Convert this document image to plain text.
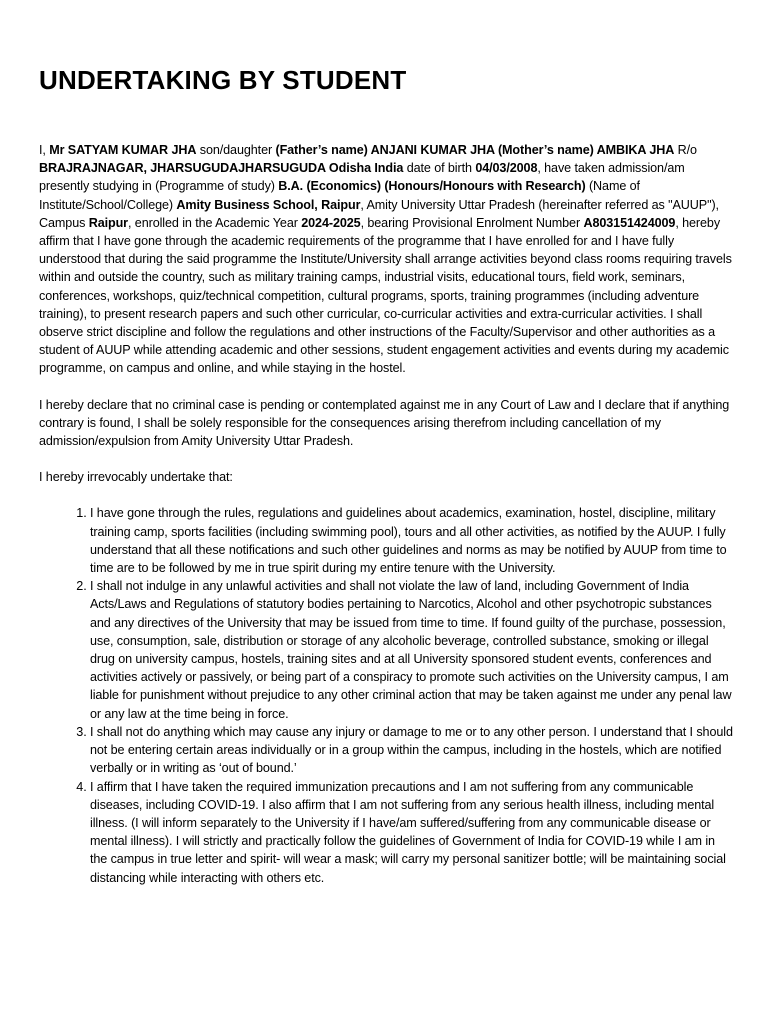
UNDERTAKING BY STUDENT

I, Mr SATYAM KUMAR JHA son/daughter (Father’s name) ANJANI KUMAR JHA (Mother’s name) AMBIKA JHA R/o BRAJRAJNAGAR, JHARSUGUDAJHARSUGUDA Odisha India date of birth 04/03/2008, have taken admission/am presently studying in (Programme of study) B.A. (Economics) (Honours/Honours with Research) (Name of Institute/School/College) Amity Business School, Raipur, Amity University Uttar Pradesh (hereinafter referred as "AUUP"), Campus Raipur, enrolled in the Academic Year 2024-2025, bearing Provisional Enrolment Number A803151424009, hereby affirm that I have gone through the academic requirements of the programme that I have enrolled for and I have fully understood that during the said programme the Institute/University shall arrange activities beyond class rooms requiring travels within and outside the country, such as military training camps, industrial visits, educational tours, field work, seminars, conferences, workshops, quiz/technical competition, cultural programs, sports, training programmes (including adventure training), to present research papers and such other curricular, co-curricular activities and extra-curricular activities. I shall observe strict discipline and follow the regulations and other instructions of the Faculty/Supervisor and other authorities as a student of AUUP while attending academic and other sessions, student engagement activities and events during my academic programme, on campus and online, and while staying in the hostel.

I hereby declare that no criminal case is pending or contemplated against me in any Court of Law and I declare that if anything contrary is found, I shall be solely responsible for the consequences arising therefrom including cancellation of my admission/expulsion from Amity University Uttar Pradesh.

I hereby irrevocably undertake that:

1. I have gone through the rules, regulations and guidelines about academics, examination, hostel, discipline, military training camp, sports facilities (including swimming pool), tours and all other activities, as notified by the AUUP. I fully understand that all these notifications and such other guidelines and norms as may be notified by AUUP from time to time are to be followed by me in true spirit during my entire tenure with the University.
2. I shall not indulge in any unlawful activities and shall not violate the law of land, including Government of India Acts/Laws and Regulations of statutory bodies pertaining to Narcotics, Alcohol and other psychotropic substances and any directives of the University that may be issued from time to time. If found guilty of the purchase, possession, use, consumption, sale, distribution or storage of any alcoholic beverage, controlled substance, smoking or illegal drug on university campus, hostels, training sites and at all University sponsored student events, conferences and activities actively or passively, or being part of a conspiracy to promote such activities on the University campus, I am liable for punishment without prejudice to any other criminal action that may be taken against me under any penal law or any law at the time being in force.
3. I shall not do anything which may cause any injury or damage to me or to any other person. I understand that I should not be entering certain areas individually or in a group within the campus, including in the hostels, which are notified verbally or in writing as ‘out of bound.’
4. I affirm that I have taken the required immunization precautions and I am not suffering from any communicable diseases, including COVID-19. I also affirm that I am not suffering from any serious health illness, including mental illness. (I will inform separately to the University if I have/am suffered/suffering from any communicable disease or mental illness). I will strictly and practically follow the guidelines of Government of India for COVID-19 while I am in the campus in true letter and spirit- will wear a mask; will carry my personal sanitizer bottle; will be maintaining social distancing while interacting with others etc.
